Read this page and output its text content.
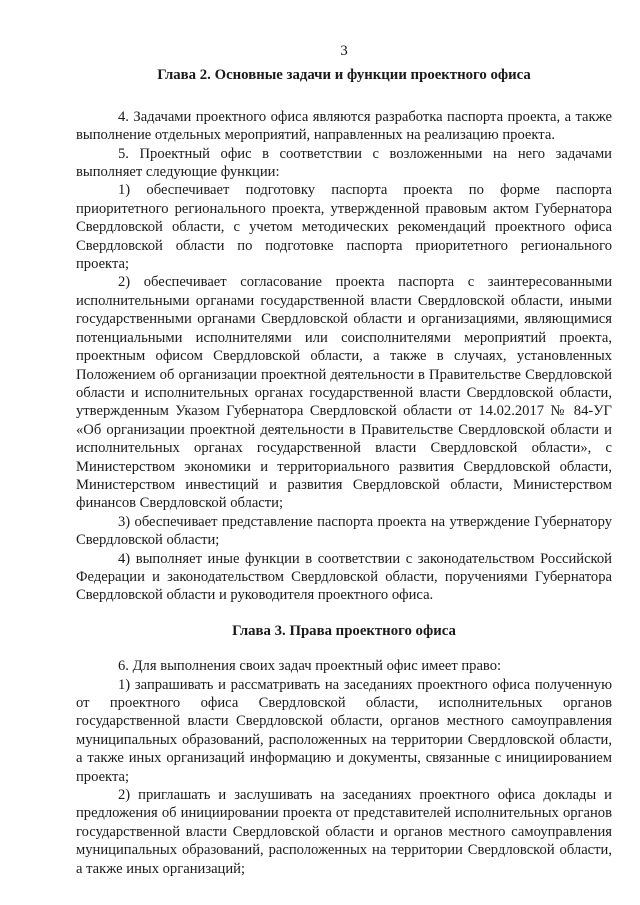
3

Глава 2. Основные задачи и функции проектного офиса

4. Задачами проектного офиса являются разработка паспорта проекта, а также выполнение отдельных мероприятий, направленных на реализацию проекта.

5. Проектный офис в соответствии с возложенными на него задачами выполняет следующие функции:

1) обеспечивает подготовку паспорта проекта по форме паспорта приоритетного регионального проекта, утвержденной правовым актом Губернатора Свердловской области, с учетом методических рекомендаций проектного офиса Свердловской области по подготовке паспорта приоритетного регионального проекта;

2) обеспечивает согласование проекта паспорта с заинтересованными исполнительными органами государственной власти Свердловской области, иными государственными органами Свердловской области и организациями, являющимися потенциальными исполнителями или соисполнителями мероприятий проекта, проектным офисом Свердловской области, а также в случаях, установленных Положением об организации проектной деятельности в Правительстве Свердловской области и исполнительных органах государственной власти Свердловской области, утвержденным Указом Губернатора Свердловской области от 14.02.2017 № 84-УГ «Об организации проектной деятельности в Правительстве Свердловской области и исполнительных органах государственной власти Свердловской области», с Министерством экономики и территориального развития Свердловской области, Министерством инвестиций и развития Свердловской области, Министерством финансов Свердловской области;

3) обеспечивает представление паспорта проекта на утверждение Губернатору Свердловской области;

4) выполняет иные функции в соответствии с законодательством Российской Федерации и законодательством Свердловской области, поручениями Губернатора Свердловской области и руководителя проектного офиса.

Глава 3. Права проектного офиса

6. Для выполнения своих задач проектный офис имеет право:

1) запрашивать и рассматривать на заседаниях проектного офиса полученную от проектного офиса Свердловской области, исполнительных органов государственной власти Свердловской области, органов местного самоуправления муниципальных образований, расположенных на территории Свердловской области, а также иных организаций информацию и документы, связанные с инициированием проекта;

2) приглашать и заслушивать на заседаниях проектного офиса доклады и предложения об инициировании проекта от представителей исполнительных органов государственной власти Свердловской области и органов местного самоуправления муниципальных образований, расположенных на территории Свердловской области, а также иных организаций;
